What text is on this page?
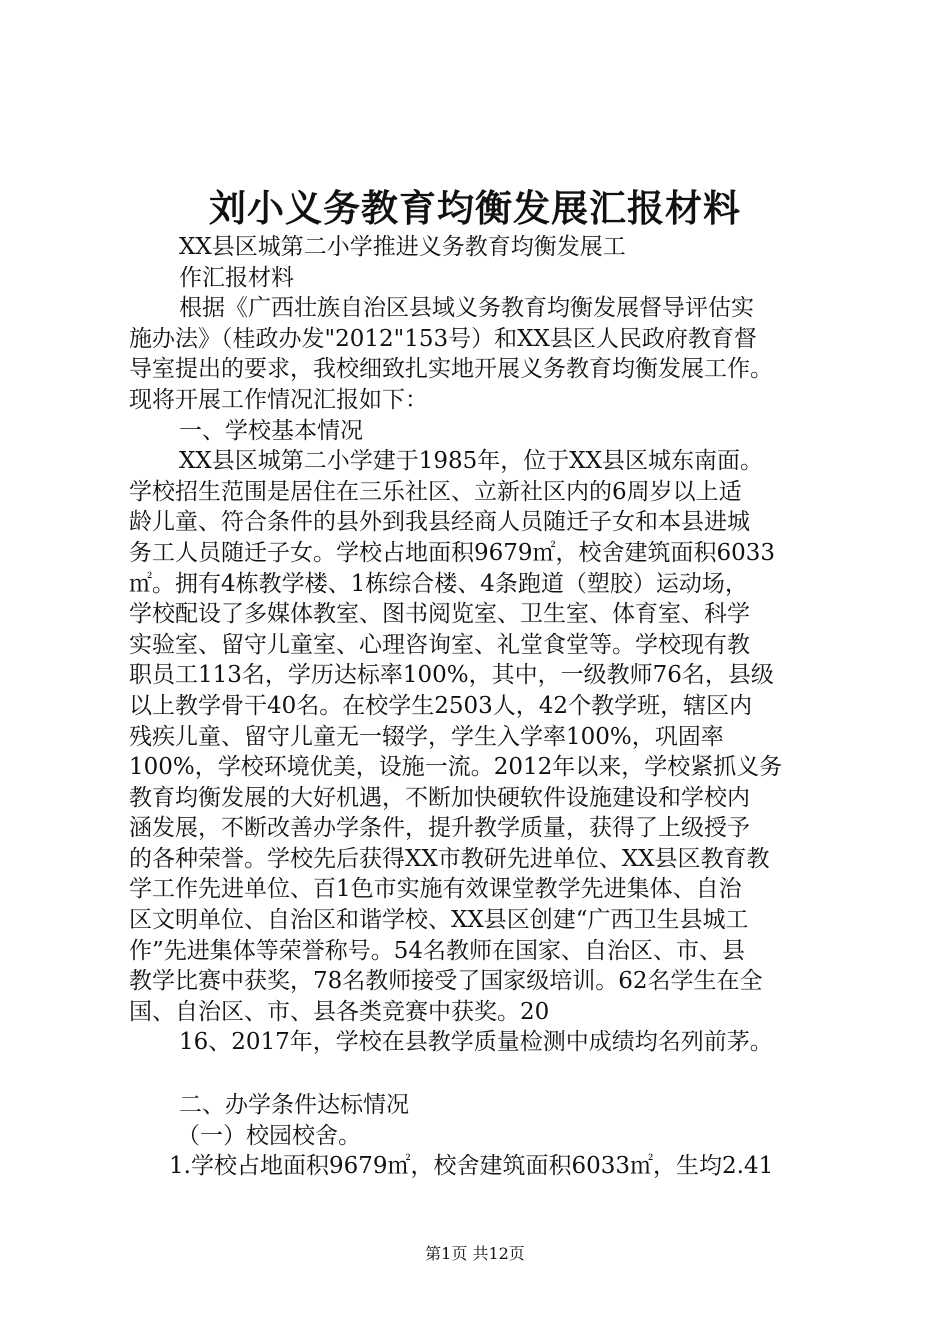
刘小义务教育均衡发展汇报材料
XX县区城第二小学推进义务教育均衡发展工
作汇报材料
根据《广西壮族自治区县域义务教育均衡发展督导评估实
施办法》（桂政办发"2012"153号）和XX县区人民政府教育督
导室提出的要求，我校细致扎实地开展义务教育均衡发展工作。
现将开展工作情况汇报如下：
一、学校基本情况
XX县区城第二小学建于1985年，位于XX县区城东南面。
学校招生范围是居住在三乐社区、立新社区内的6周岁以上适
龄儿童、符合条件的县外到我县经商人员随迁子女和本县进城
务工人员随迁子女。学校占地面积9679㎡，校舍建筑面积6033
㎡。拥有4栋教学楼、1栋综合楼、4条跑道（塑胶）运动场，
学校配设了多媒体教室、图书阅览室、卫生室、体育室、科学
实验室、留守儿童室、心理咨询室、礼堂食堂等。学校现有教
职员工113名，学历达标率100%，其中，一级教师76名，县级
以上教学骨干40名。在校学生2503人，42个教学班，辖区内
残疾儿童、留守儿童无一辍学，学生入学率100%，巩固率
100%，学校环境优美，设施一流。2012年以来，学校紧抓义务
教育均衡发展的大好机遇，不断加快硬软件设施建设和学校内
涵发展，不断改善办学条件，提升教学质量，获得了上级授予
的各种荣誉。学校先后获得XX市教研先进单位、XX县区教育教
学工作先进单位、百1色市实施有效课堂教学先进集体、自治
区文明单位、自治区和谐学校、XX县区创建“广西卫生县城工
作”先进集体等荣誉称号。54名教师在国家、自治区、市、县
教学比赛中获奖，78名教师接受了国家级培训。62名学生在全
国、自治区、市、县各类竞赛中获奖。20
16、2017年，学校在县教学质量检测中成绩均名列前茅。
二、办学条件达标情况
（一）校园校舍。
1.学校占地面积9679㎡，校舍建筑面积6033㎡，生均2.41
第1页 共12页
